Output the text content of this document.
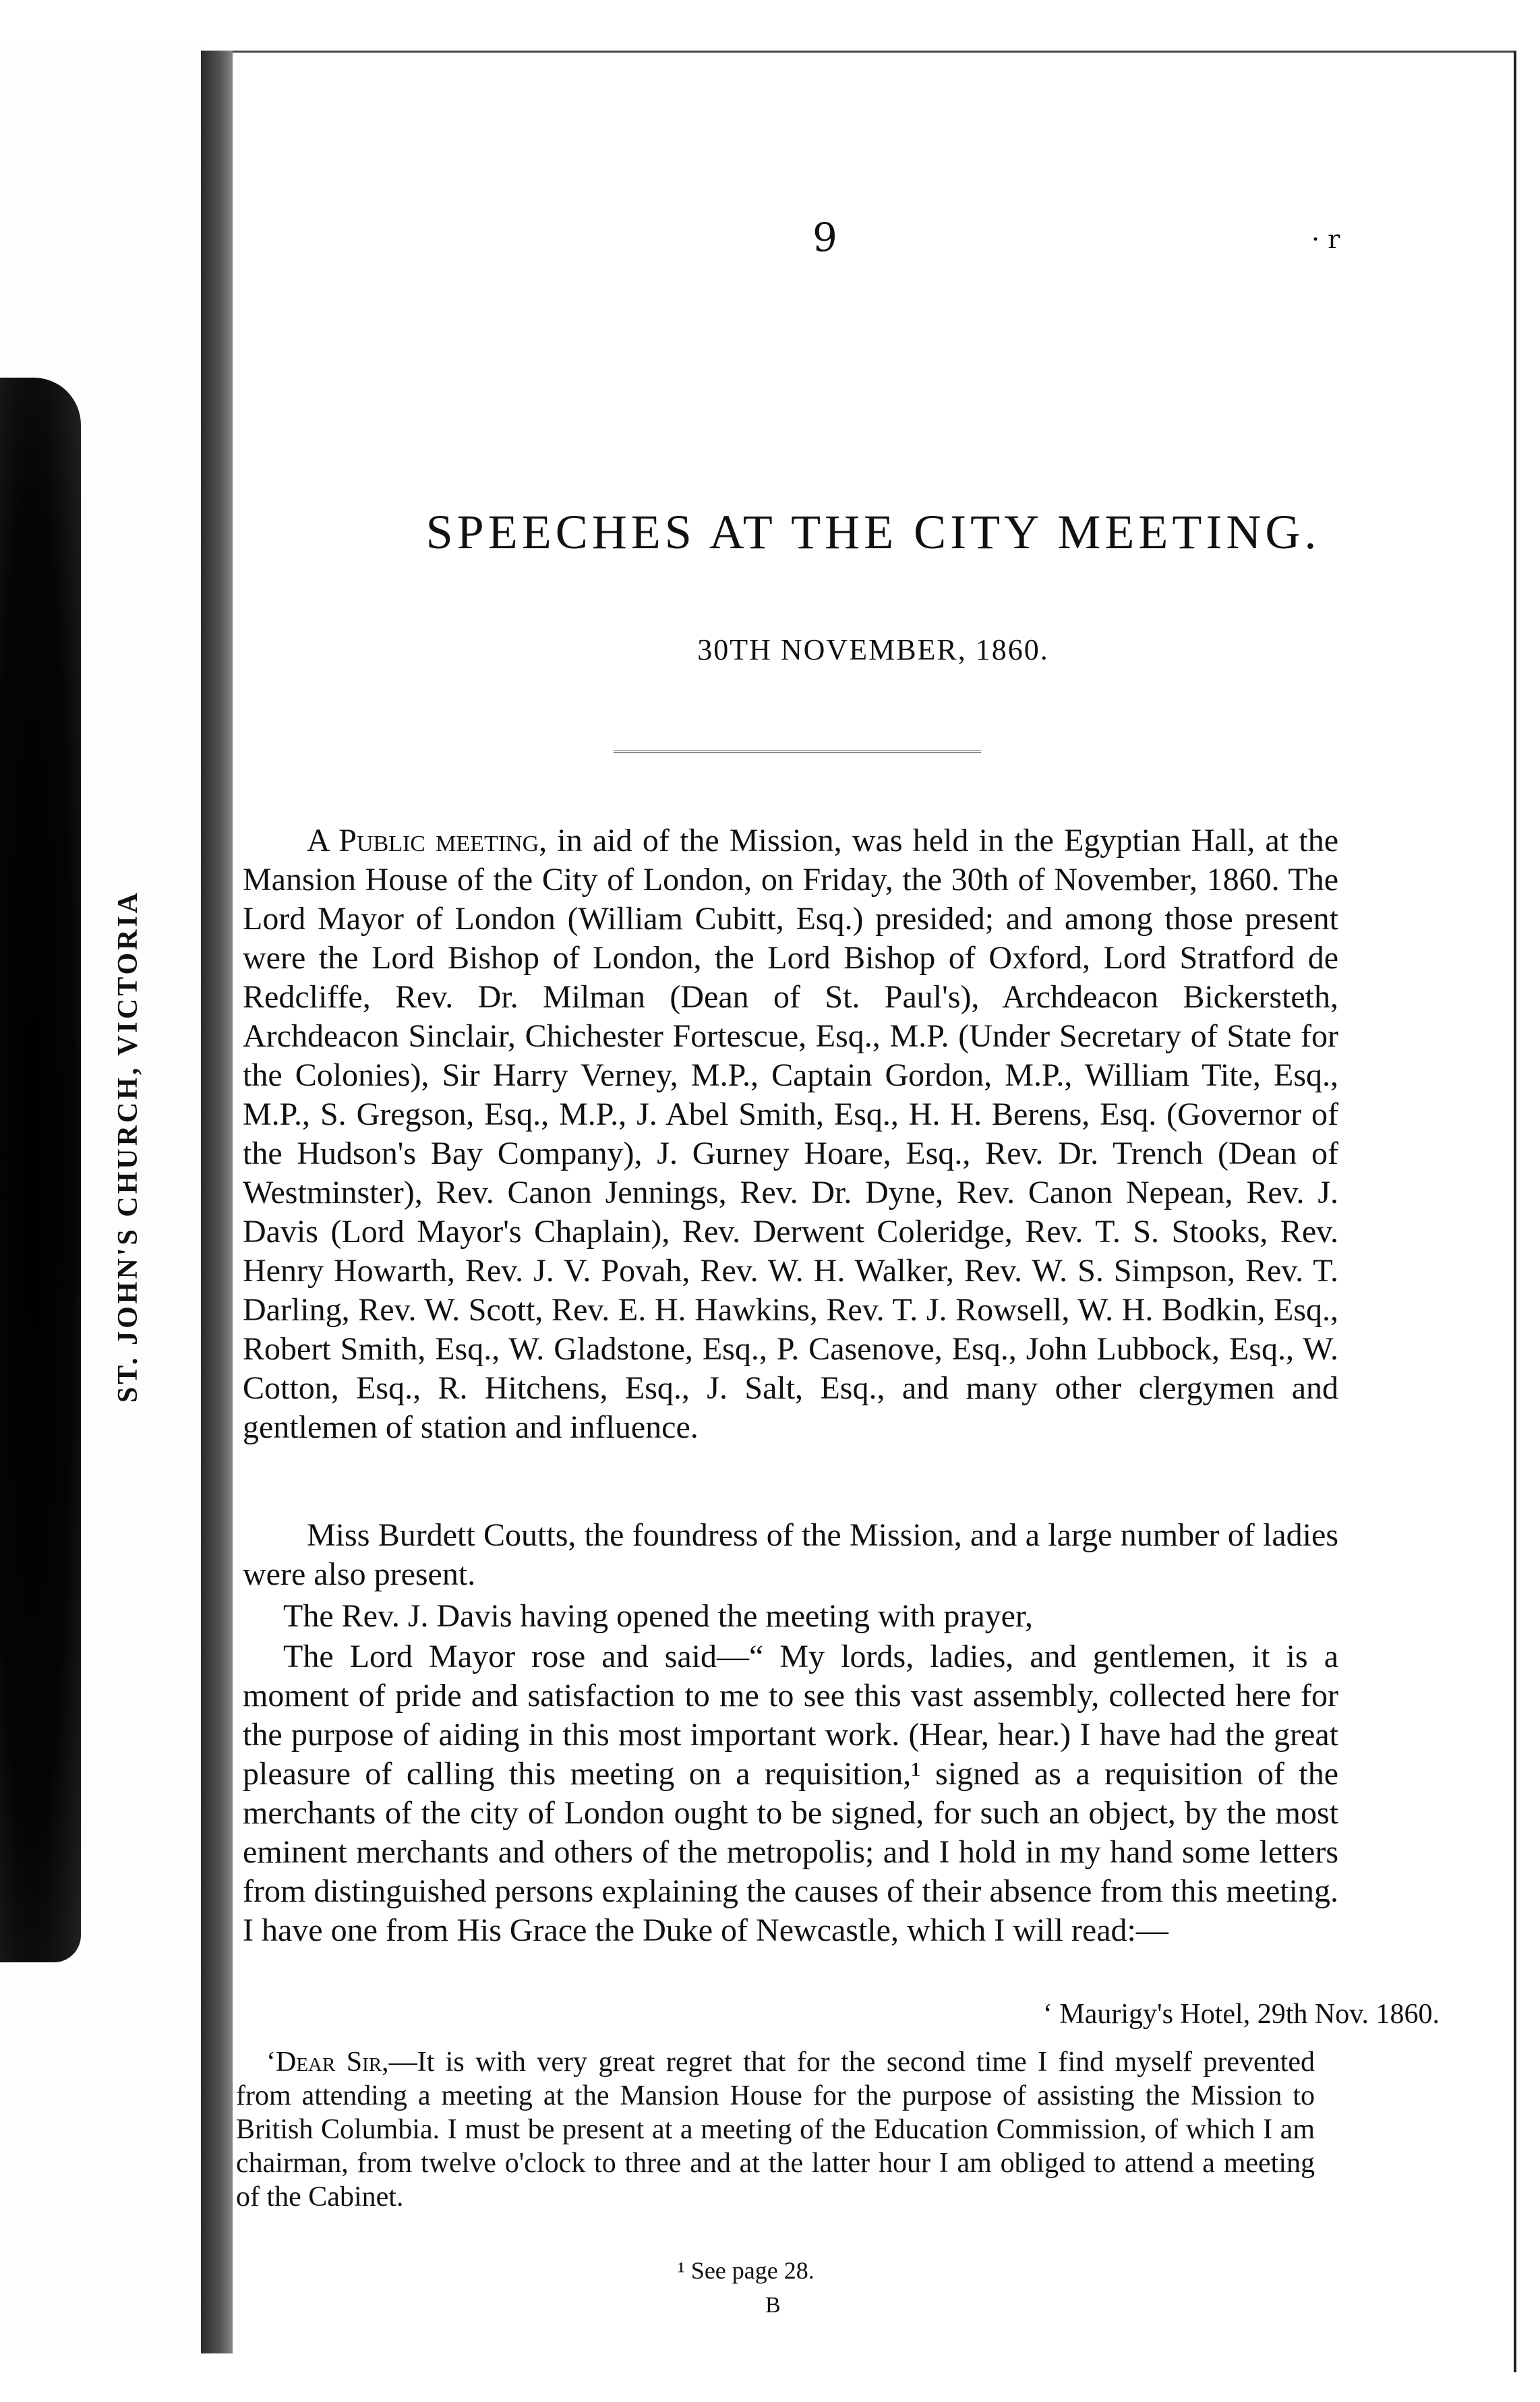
ST. JOHN'S CHURCH, VICTORIA
9	· r
SPEECHES AT THE CITY MEETING.
30TH NOVEMBER, 1860.

A Public meeting, in aid of the Mission, was held in the Egyptian Hall, at the Mansion House of the City of London, on Friday, the 30th of November, 1860. The Lord Mayor of London (William Cubitt, Esq.) presided; and among those present were the Lord Bishop of London, the Lord Bishop of Oxford, Lord Stratford de Redcliffe, Rev. Dr. Milman (Dean of St. Paul's), Archdeacon Bickersteth, Archdeacon Sinclair, Chichester Fortescue, Esq., M.P. (Under Secretary of State for the Colonies), Sir Harry Verney, M.P., Captain Gordon, M.P., William Tite, Esq., M.P., S. Gregson, Esq., M.P., J. Abel Smith, Esq., H. H. Berens, Esq. (Governor of the Hudson's Bay Company), J. Gurney Hoare, Esq., Rev. Dr. Trench (Dean of Westminster), Rev. Canon Jennings, Rev. Dr. Dyne, Rev. Canon Nepean, Rev. J. Davis (Lord Mayor's Chaplain), Rev. Derwent Coleridge, Rev. T. S. Stooks, Rev. Henry Howarth, Rev. J. V. Povah, Rev. W. H. Walker, Rev. W. S. Simpson, Rev. T. Darling, Rev. W. Scott, Rev. E. H. Hawkins, Rev. T. J. Rowsell, W. H. Bodkin, Esq., Robert Smith, Esq., W. Gladstone, Esq., P. Casenove, Esq., John Lubbock, Esq., W. Cotton, Esq., R. Hitchens, Esq., J. Salt, Esq., and many other clergymen and gentlemen of station and influence.

Miss Burdett Coutts, the foundress of the Mission, and a large number of ladies were also present.

The Rev. J. Davis having opened the meeting with prayer,

The Lord Mayor rose and said—“ My lords, ladies, and gentlemen, it is a moment of pride and satisfaction to me to see this vast assembly, collected here for the purpose of aiding in this most important work. (Hear, hear.) I have had the great pleasure of calling this meeting on a requisition,¹ signed as a requisition of the merchants of the city of London ought to be signed, for such an object, by the most eminent merchants and others of the metropolis; and I hold in my hand some letters from distinguished persons explaining the causes of their absence from this meeting. I have one from His Grace the Duke of Newcastle, which I will read:—

‘ Maurigy's Hotel, 29th Nov. 1860.

‘Dear Sir,—It is with very great regret that for the second time I find myself prevented from attending a meeting at the Mansion House for the purpose of assisting the Mission to British Columbia. I must be present at a meeting of the Education Commission, of which I am chairman, from twelve o'clock to three and at the latter hour I am obliged to attend a meeting of the Cabinet.

¹ See page 28.
B
